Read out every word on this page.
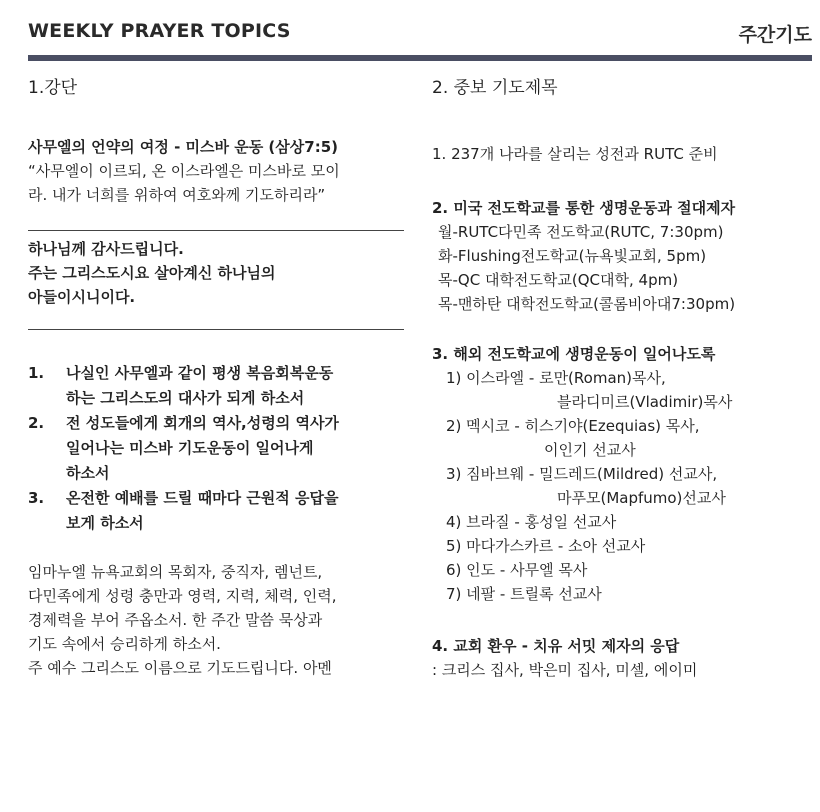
WEEKLY PRAYER TOPICS	주간기도

1.강단

사무엘의 언약의 여정 - 미스바 운동 (삼상7:5)

“사무엘이 이르되, 온 이스라엘은 미스바로 모이

라. 내가 너희를 위하여 여호와께 기도하리라”

하나님께 감사드립니다.

주는 그리스도시요 살아계신 하나님의

아들이시니이다.

1. 나실인 사무엘과 같이 평생 복음회복운동
하는 그리스도의 대사가 되게 하소서
2. 전 성도들에게 회개의 역사,성령의 역사가
일어나는 미스바 기도운동이 일어나게
하소서
3. 온전한 예배를 드릴 때마다 근원적 응답을
보게 하소서

임마누엘 뉴욕교회의 목회자, 중직자, 렘넌트,

다민족에게 성령 충만과 영력, 지력, 체력, 인력,

경제력을 부어 주옵소서. 한 주간 말씀 묵상과

기도 속에서 승리하게 하소서.

주 예수 그리스도 이름으로 기도드립니다. 아멘

2. 중보 기도제목

1. 237개 나라를 살리는 성전과 RUTC 준비

2. 미국 전도학교를 통한 생명운동과 절대제자

월-RUTC다민족 전도학교(RUTC, 7:30pm)

화-Flushing전도학교(뉴욕빛교회, 5pm)

목-QC 대학전도학교(QC대학, 4pm)

목-맨하탄 대학전도학교(콜롬비아대7:30pm)

3. 해외 전도학교에 생명운동이 일어나도록

1) 이스라엘 - 로만(Roman)목사,

블라디미르(Vladimir)목사

2) 멕시코 - 히스기야(Ezequias) 목사,

이인기 선교사

3) 짐바브웨 - 밀드레드(Mildred) 선교사,

마푸모(Mapfumo)선교사

4) 브라질 - 홍성일 선교사

5) 마다가스카르 - 소아 선교사

6) 인도 - 사무엘 목사

7) 네팔 - 트릴록 선교사

4. 교회 환우 - 치유 서밋 제자의 응답

: 크리스 집사, 박은미 집사, 미셀, 에이미
